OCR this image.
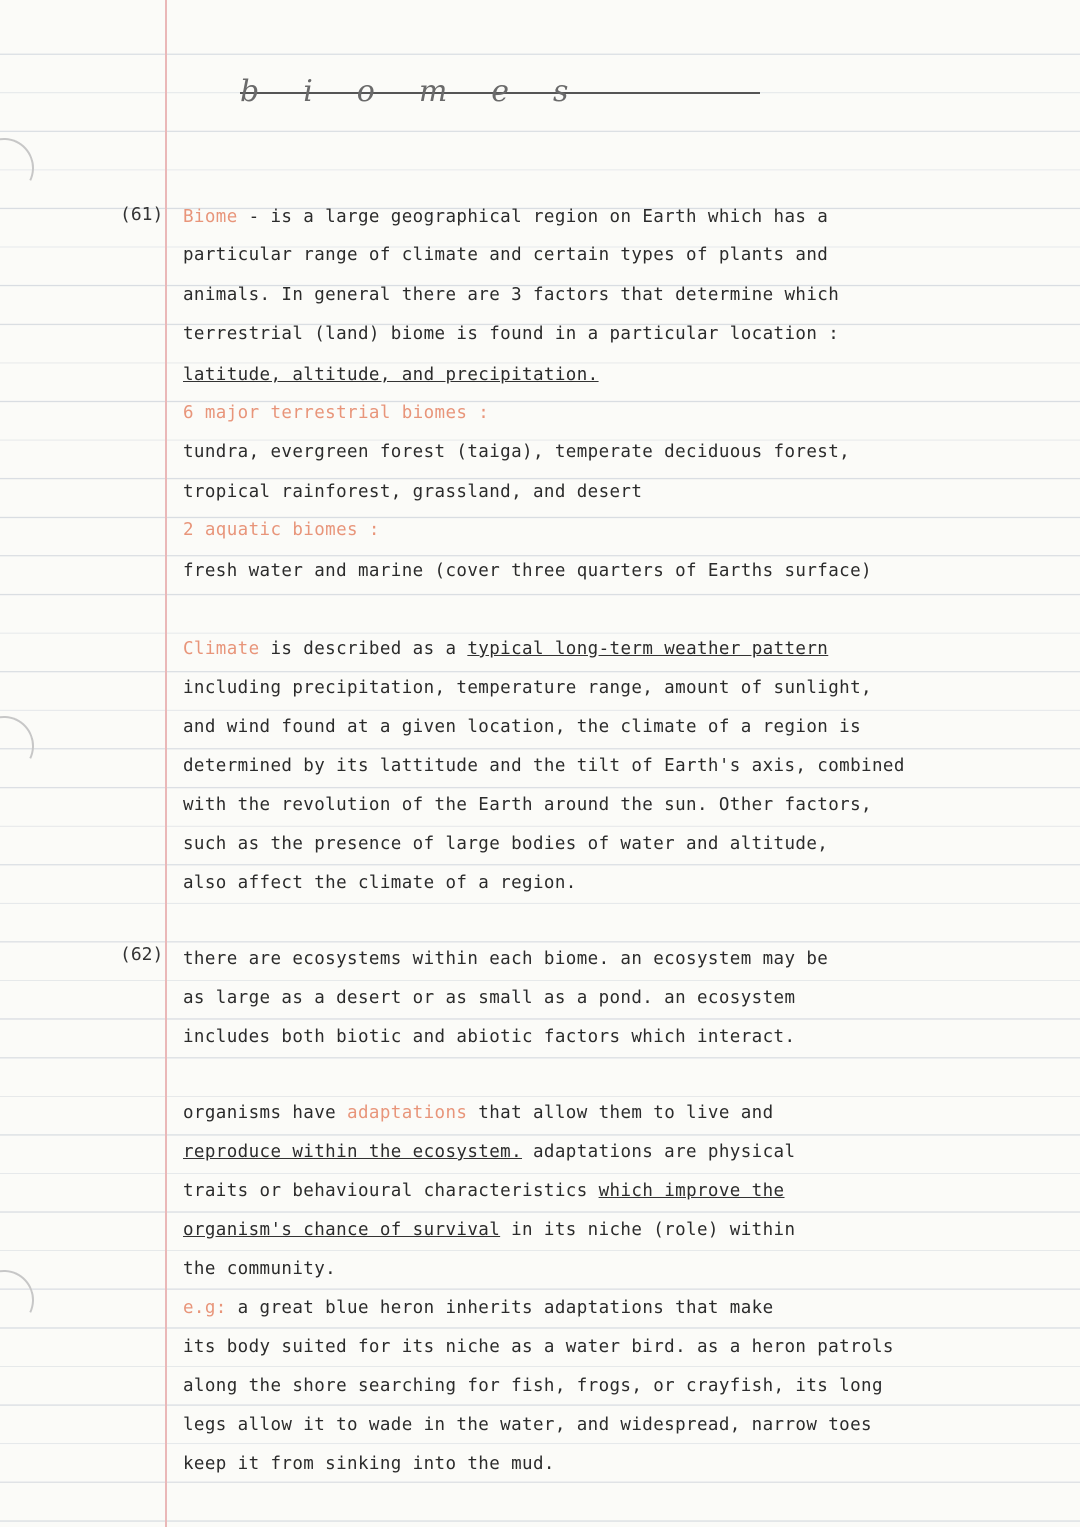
biomes
(61)
(62)
Biome - is a large geographical region on Earth which has a
particular range of climate and certain types of plants and
animals. In general there are 3 factors that determine which
terrestrial (land) biome is found in a particular location :
latitude, altitude, and precipitation.
6 major terrestrial biomes :
tundra, evergreen forest (taiga), temperate deciduous forest,
tropical rainforest, grassland, and desert
2 aquatic biomes :
fresh water and marine (cover three quarters of Earths surface)
Climate is described as a typical long-term weather pattern
including precipitation, temperature range, amount of sunlight,
and wind found at a given location, the climate of a region is
determined by its lattitude and the tilt of Earth's axis, combined
with the revolution of the Earth around the sun. Other factors,
such as the presence of large bodies of water and altitude,
also affect the climate of a region.
there are ecosystems within each biome. an ecosystem may be
as large as a desert or as small as a pond. an ecosystem
includes both biotic and abiotic factors which interact.
organisms have adaptations that allow them to live and
reproduce within the ecosystem. adaptations are physical
traits or behavioural characteristics which improve the
organism's chance of survival in its niche (role) within
the community.
e.g: a great blue heron inherits adaptations that make
its body suited for its niche as a water bird. as a heron patrols
along the shore searching for fish, frogs, or crayfish, its long
legs allow it to wade in the water, and widespread, narrow toes
keep it from sinking into the mud.
